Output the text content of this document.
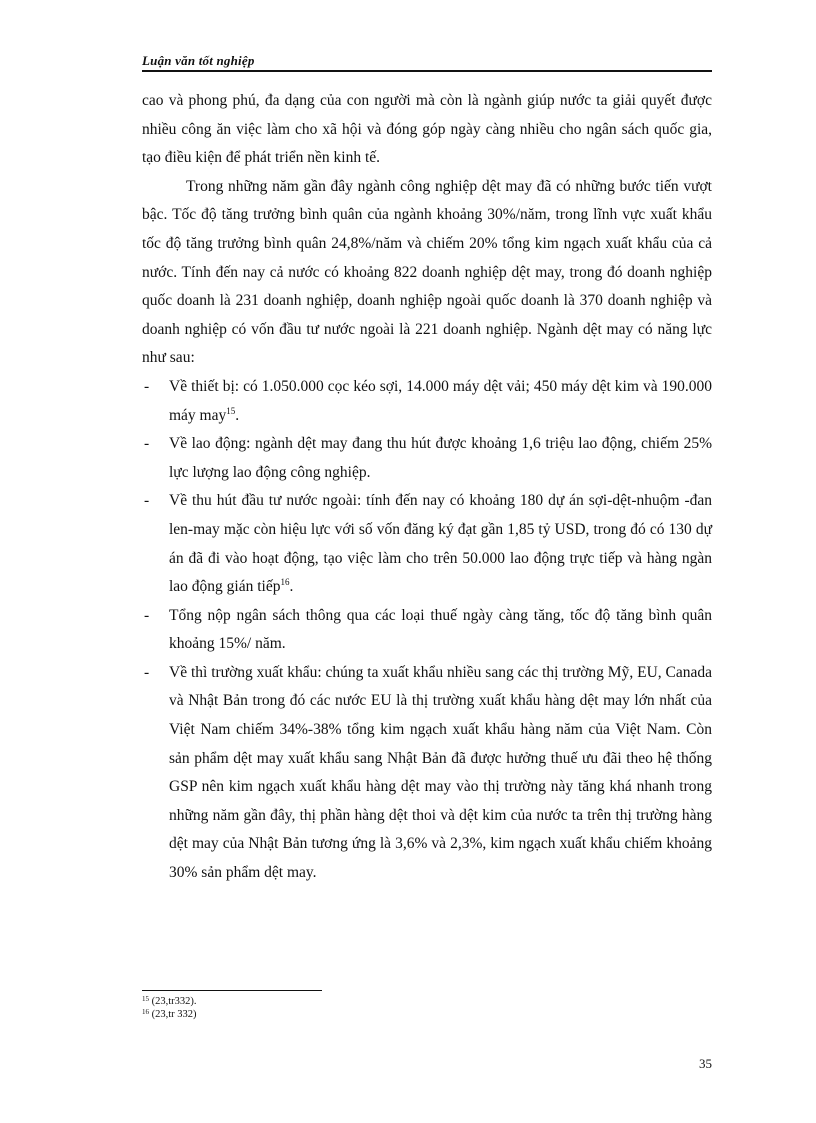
Luận văn tốt nghiệp

cao và phong phú, đa dạng của con người mà còn là ngành giúp nước ta giải quyết được nhiều công ăn việc làm cho xã hội và đóng góp ngày càng nhiều cho ngân sách quốc gia, tạo điều kiện để phát triển nền kinh tế.

Trong những năm gần đây ngành công nghiệp dệt may đã có những bước tiến vượt bậc. Tốc độ tăng trưởng bình quân của ngành khoảng 30%/năm, trong lĩnh vực xuất khẩu tốc độ tăng trưởng bình quân 24,8%/năm và chiếm 20% tổng kim ngạch xuất khẩu của cả nước. Tính đến nay cả nước có khoảng 822 doanh nghiệp dệt may, trong đó doanh nghiệp quốc doanh là 231 doanh nghiệp, doanh nghiệp ngoài quốc doanh là 370 doanh nghiệp và doanh nghiệp có vốn đầu tư nước ngoài là 221 doanh nghiệp. Ngành dệt may có năng lực như sau:

- Về thiết bị: có 1.050.000 cọc kéo sợi, 14.000 máy dệt vải; 450 máy dệt kim và 190.000 máy may$^{15}$.
- Về lao động: ngành dệt may đang thu hút được khoảng 1,6 triệu lao động, chiếm 25% lực lượng lao động công nghiệp.
- Về thu hút đầu tư nước ngoài: tính đến nay có khoảng 180 dự án sợi-dệt-nhuộm -đan len-may mặc còn hiệu lực với số vốn đăng ký đạt gần 1,85 tỷ USD, trong đó có 130 dự án đã đi vào hoạt động, tạo việc làm cho trên 50.000 lao động trực tiếp và hàng ngàn lao động gián tiếp$^{16}$.
- Tổng nộp ngân sách thông qua các loại thuế ngày càng tăng, tốc độ tăng bình quân khoảng 15%/ năm.
- Về thì trường xuất khẩu: chúng ta xuất khẩu nhiều sang các thị trường Mỹ, EU, Canada và Nhật Bản trong đó các nước EU là thị trường xuất khẩu hàng dệt may lớn nhất của Việt Nam chiếm 34%-38% tổng kim ngạch xuất khẩu hàng năm của Việt Nam. Còn sản phẩm dệt may xuất khẩu sang Nhật Bản đã được hưởng thuế ưu đãi theo hệ thống GSP nên kim ngạch xuất khẩu hàng dệt may vào thị trường này tăng khá nhanh trong những năm gần đây, thị phần hàng dệt thoi và dệt kim của nước ta trên thị trường hàng dệt may của Nhật Bản tương ứng là 3,6% và 2,3%, kim ngạch xuất khẩu chiếm khoảng 30% sản phẩm dệt may.
$^{15}$ (23,tr332).
$^{16}$ (23,tr 332)
35
